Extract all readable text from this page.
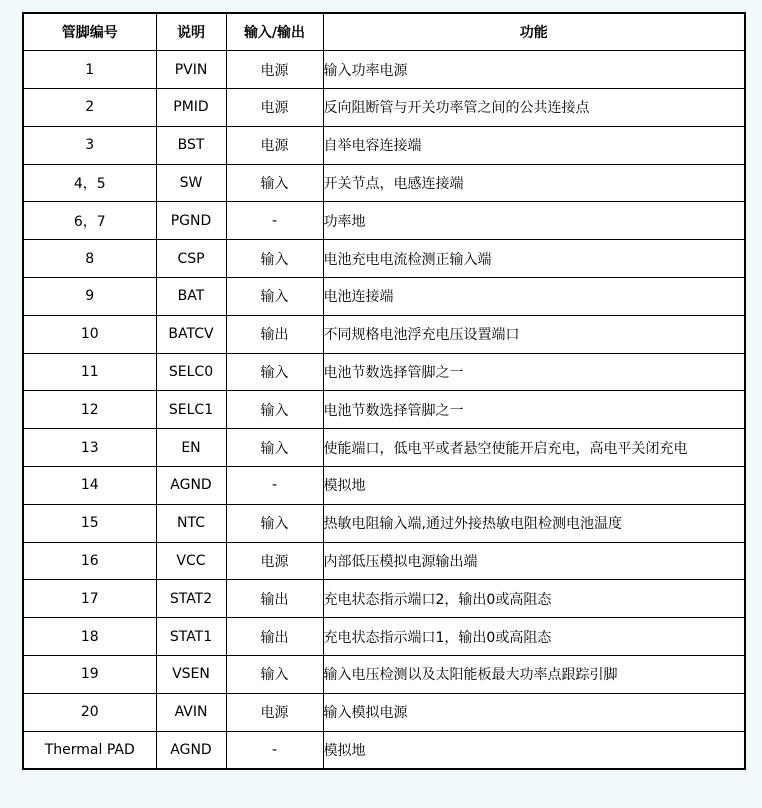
管脚编号	说明	输入/输出	功能
1	PVIN	电源	输入功率电源
2	PMID	电源	反向阻断管与开关功率管之间的公共连接点
3	BST	电源	自举电容连接端
4，5	SW	输入	开关节点，电感连接端
6，7	PGND	-	功率地
8	CSP	输入	电池充电电流检测正输入端
9	BAT	输入	电池连接端
10	BATCV	输出	不同规格电池浮充电压设置端口
11	SELC0	输入	电池节数选择管脚之一
12	SELC1	输入	电池节数选择管脚之一
13	EN	输入	使能端口，低电平或者悬空使能开启充电，高电平关闭充电
14	AGND	-	模拟地
15	NTC	输入	热敏电阻输入端,通过外接热敏电阻检测电池温度
16	VCC	电源	内部低压模拟电源输出端
17	STAT2	输出	充电状态指示端口2，输出0或高阻态
18	STAT1	输出	充电状态指示端口1，输出0或高阻态
19	VSEN	输入	输入电压检测以及太阳能板最大功率点跟踪引脚
20	AVIN	电源	输入模拟电源
Thermal PAD	AGND	-	模拟地
